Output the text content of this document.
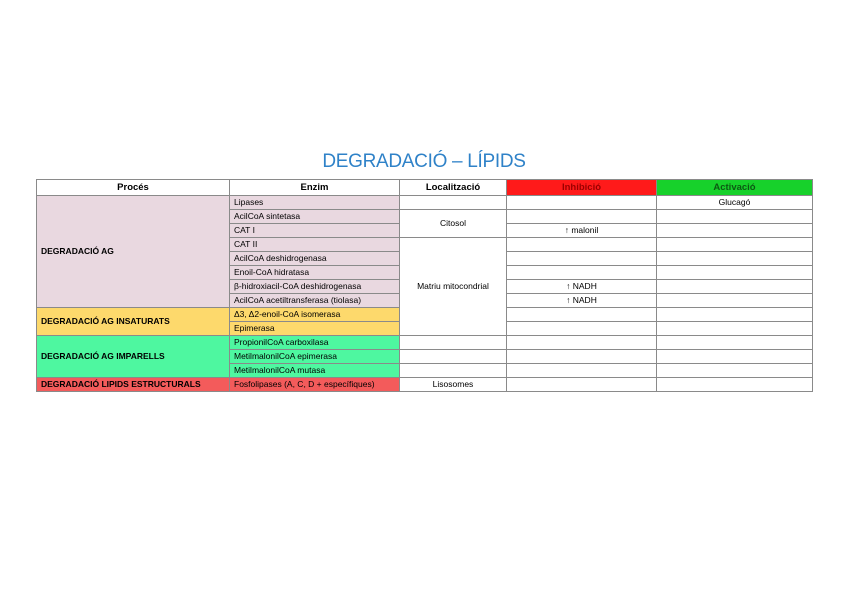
DEGRADACIÓ – LÍPIDS
Procés	Enzim	Localització	Inhibició	Activació
DEGRADACIÓ AG	Lipases			Glucagó
	AcilCoA sintetasa	Citosol		
	CAT I		↑ malonil	
	CAT II	Matriu mitocondrial		
	AcilCoA deshidrogenasa			
	Enoil-CoA hidratasa			
	β-hidroxiacil-CoA deshidrogenasa		↑ NADH	
	AcilCoA acetiltransferasa (tiolasa)		↑ NADH	
DEGRADACIÓ AG INSATURATS	Δ3, Δ2-enoil-CoA isomerasa			
	Epimerasa			
DEGRADACIÓ AG IMPARELLS	PropionilCoA carboxilasa			
	MetilmalonilCoA epimerasa			
	MetilmalonilCoA mutasa			
DEGRADACIÓ LIPIDS ESTRUCTURALS	Fosfolipases (A, C, D + específiques)	Lisosomes		
